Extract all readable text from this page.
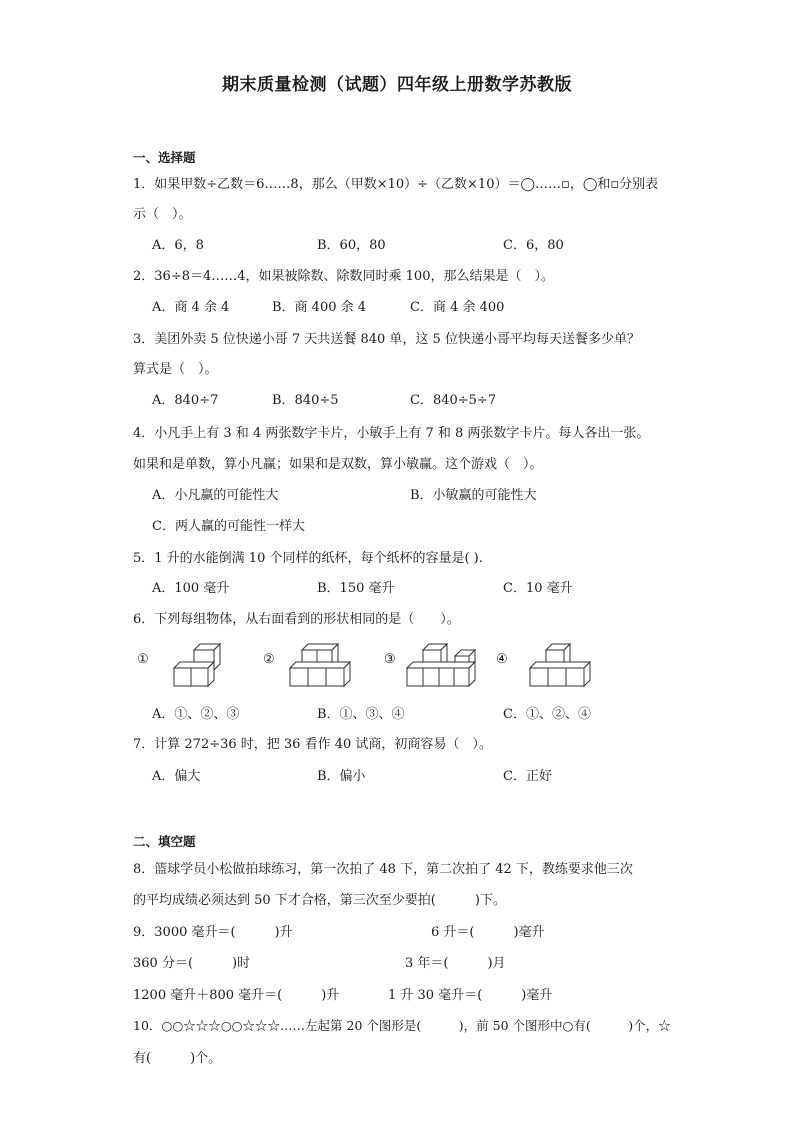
期末质量检测（试题）四年级上册数学苏教版
一、选择题
1．如果甲数÷乙数＝6……8，那么（甲数×10）÷（乙数×10）＝◯……▫，◯和▫分别表
示（　）。
A．6，8	B．60，80	C．6，80
2．36÷8＝4……4，如果被除数、除数同时乘 100，那么结果是（　）。
A．商 4 余 4	B．商 400 余 4	C．商 4 余 400
3．美团外卖 5 位快递小哥 7 天共送餐 840 单，这 5 位快递小哥平均每天送餐多少单？
算式是（　）。
A．840÷7	B．840÷5	C．840÷5÷7
4．小凡手上有 3 和 4 两张数字卡片，小敏手上有 7 和 8 两张数字卡片。每人各出一张。
如果和是单数，算小凡赢；如果和是双数，算小敏赢。这个游戏（　）。
A．小凡赢的可能性大	B．小敏赢的可能性大
C．两人赢的可能性一样大
5．1 升的水能倒满 10 个同样的纸杯，每个纸杯的容量是( ).
A．100 毫升	B．150 毫升	C．10 毫升
6．下列每组物体，从右面看到的形状相同的是（　　）。
①	②	③	④
A．①、②、③	B．①、③、④	C．①、②、④
7．计算 272÷36 时，把 36 看作 40 试商，初商容易（　）。
A．偏大	B．偏小	C．正好
二、填空题
8．篮球学员小松做拍球练习，第一次拍了 48 下，第二次拍了 42 下，教练要求他三次
的平均成绩必须达到 50 下才合格，第三次至少要拍(　　　)下。
9．3000 毫升＝(　　　)升	6 升＝(　　　)毫升
360 分＝(　　　)时	3 年＝(　　　)月
1200 毫升＋800 毫升＝(　　　)升	1 升 30 毫升＝(　　　)毫升
10．○○☆☆☆○○☆☆☆……左起第 20 个图形是(　　　)，前 50 个图形中○有(　　　)个，☆
有(　　　)个。
